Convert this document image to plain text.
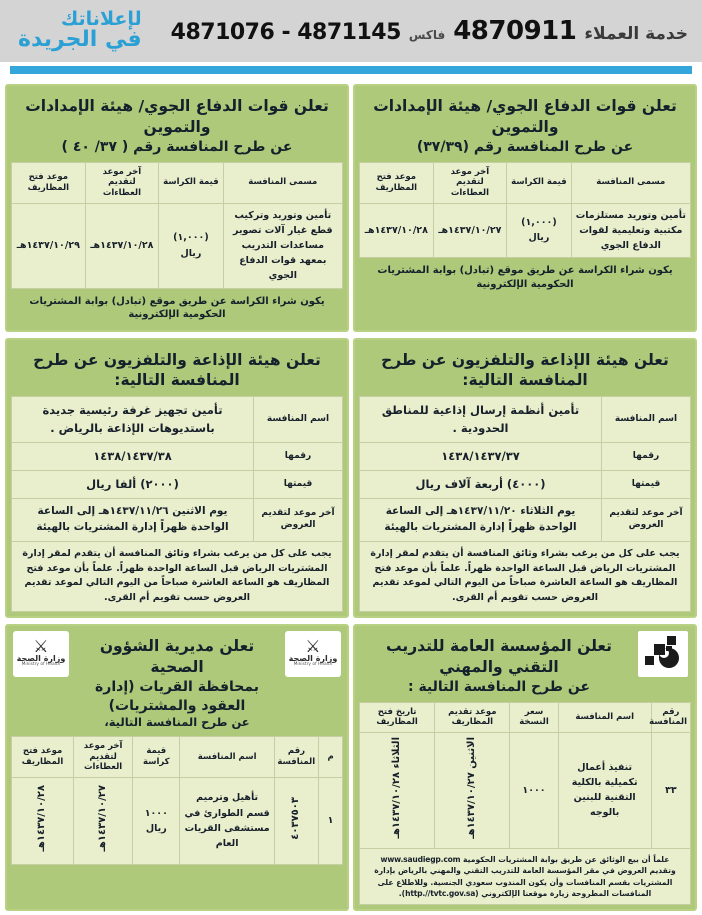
خدمة العملاء
4870911
فاكس
4871145 - 4871076
لإعلاناتك
في الجريدة
تعلن قوات الدفاع الجوي/ هيئة الإمدادات والتموين
عن طرح المنافسة رقم (٣٧/٣٩)
مسمى المنافسة	قيمة الكراسة	آخر موعد لتقديم العطاءات	موعد فتح المظاريف
تأمين وتوريد مستلزمات مكتبية وتعليمية لقوات الدفاع الجوي	(١,٠٠٠) ريال	١٤٣٧/١٠/٢٧هـ	١٤٣٧/١٠/٢٨هـ
يكون شراء الكراسة عن طريق موقع (تبادل) بوابة المشتريات الحكومية الإلكترونية
تعلن قوات الدفاع الجوي/ هيئة الإمدادات والتموين
عن طرح المنافسة رقم ( ٣٧/ ٤٠ )
مسمى المنافسة	قيمة الكراسة	آخر موعد لتقديم العطاءات	موعد فتح المظاريف
تأمين وتوريد وتركيب قطع غيار آلات تصوير مساعدات التدريب بمعهد قوات الدفاع الجوي	(١,٠٠٠) ريال	١٤٣٧/١٠/٢٨هـ	١٤٣٧/١٠/٢٩هـ
يكون شراء الكراسة عن طريق موقع (تبادل) بوابة المشتريات الحكومية الإلكترونية
تعلن هيئة الإذاعة والتلفزيون عن طرح المنافسة التالية:
اسم المنافسة	تأمين أنظمة إرسال إذاعية للمناطق الحدودية .
رقمها	١٤٣٨/١٤٣٧/٣٧
قيمتها	(٤٠٠٠) أربعة آلاف ريال
آخر موعد لتقديم العروض	يوم الثلاثاء ١٤٣٧/١١/٢٠هـ إلى الساعة الواحدة ظهراً إدارة المشتريات بالهيئة
يجب على كل من يرغب بشراء وثائق المنافسة أن يتقدم لمقر إدارة المشتريات الرياض قبل الساعة الواحدة ظهراً. علماً بأن موعد فتح المظاريف هو الساعة العاشرة صباحاً من اليوم التالي لموعد تقديم العروض حسب تقويم أم القرى.
تعلن هيئة الإذاعة والتلفزيون عن طرح المنافسة التالية:
اسم المنافسة	تأمين تجهيز غرفة رئيسية جديدة باستديوهات الإذاعة بالرياض .
رقمها	١٤٣٨/١٤٣٧/٣٨
قيمتها	(٢٠٠٠) ألفا ريال
آخر موعد لتقديم العروض	يوم الاثنين ١٤٣٧/١١/٢٦هـ إلى الساعة الواحدة ظهراً إدارة المشتريات بالهيئة
يجب على كل من يرغب بشراء وثائق المنافسة أن يتقدم لمقر إدارة المشتريات الرياض قبل الساعة الواحدة ظهراً. علماً بأن موعد فتح المظاريف هو الساعة العاشرة صباحاً من اليوم التالي لموعد تقديم العروض حسب تقويم أم القرى.
تعلن المؤسسة العامة للتدريب التقني والمهني
عن طرح المنافسة التالية :
رقم المنافسة	اسم المنافسة	سعر النسخة	موعد تقديم المظاريف	تاريخ فتح المظاريف
٣٣	تنفيذ أعمال تكميلية بالكلية التقنية للبنين بالوجه	١٠٠٠	الاثنين ١٤٣٧/١٠/٢٧هـ	الثلاثاء ١٤٣٧/١٠/٢٨هـ
علماً أن بيع الوثائق عن طريق بوابة المشتريات الحكومية www.saudiegp.com وتقديم العروض في مقر المؤسسة العامة للتدريب التقني والمهني بالرياض بإدارة المشتريات بقسم المنافسات وأن يكون المندوب سعودي الجنسية. وللاطلاع على المنافسات المطروحة زيارة موقعنا الإلكتروني (http.//tvtc.gov.sa).
⚔
وزارة الصحة
Ministry of Health
⚔
وزارة الصحة
Ministry of Health
تعلن مديرية الشؤون الصحية
بمحافظة القريات (إدارة العقود والمشتريات)
عن طرح المنافسة التالية،
م	رقم المنافسة	اسم المنافسة	قيمة كراسة	آخر موعد لتقديم العطاءات	موعد فتح المظاريف
١	٤٠٣٧٥٠٣	تأهيل وترميم قسم الطوارئ في مستشفى القريات العام	١٠٠٠ ريال	١٤٣٧/١٠/٢٧هـ	١٤٣٧/١٠/٢٨هـ
